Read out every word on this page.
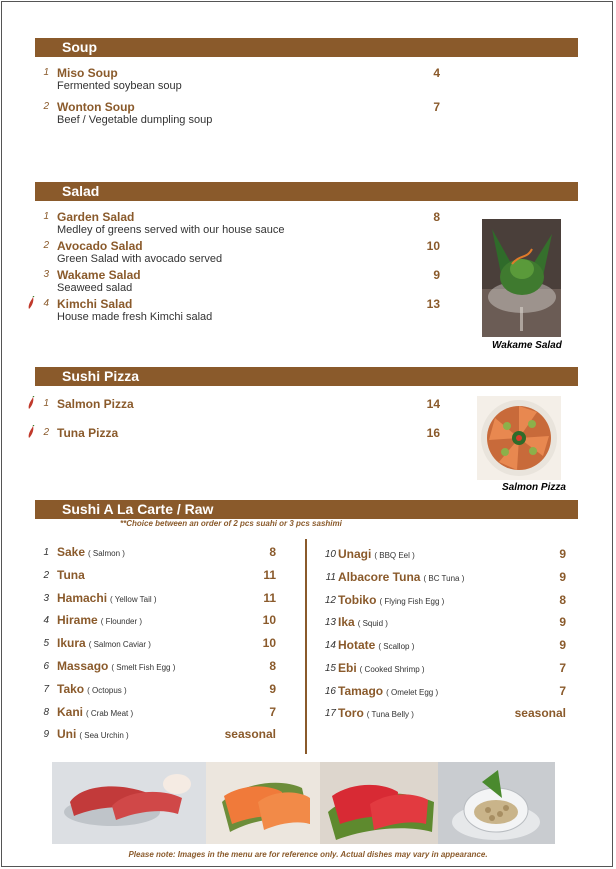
Soup
1 Miso Soup
Fermented soybean soup
4
2 Wonton Soup
Beef / Vegetable dumpling soup
7
Salad
1 Garden Salad
Medley of greens served with our house sauce
8
2 Avocado Salad
Green Salad with avocado served
10
3 Wakame Salad
Seaweed salad
9
4 Kimchi Salad
House made fresh Kimchi salad
13
Wakame Salad
Sushi Pizza
1 Salmon Pizza	14
2 Tuna Pizza	16
Salmon Pizza
Sushi A La Carte / Raw
**Choice between an order of 2 pcs suahi or 3 pcs sashimi
1 Sake ( Salmon )	8
2 Tuna	11
3 Hamachi ( Yellow Tail )	11
4 Hirame ( Flounder )	10
5 Ikura ( Salmon Caviar )	10
6 Massago ( Smelt Fish Egg )	8
7 Tako ( Octopus )	9
8 Kani ( Crab Meat )	7
9 Uni ( Sea Urchin )	seasonal
10 Unagi ( BBQ Eel )	9
11 Albacore Tuna ( BC Tuna )	9
12 Tobiko ( Flying Fish Egg )	8
13 Ika ( Squid )	9
14 Hotate ( Scallop )	9
15 Ebi ( Cooked Shrimp )	7
16 Tamago ( Omelet Egg )	7
17 Toro ( Tuna Belly )	seasonal
Please note: Images in the menu are for reference only. Actual dishes may vary in appearance.
